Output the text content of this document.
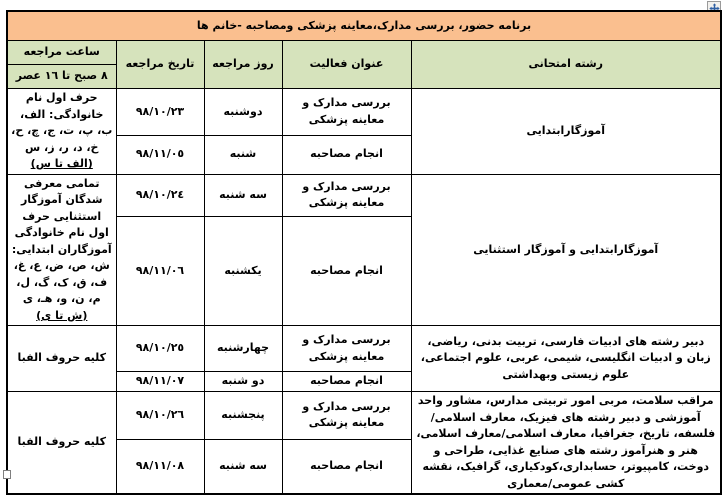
برنامه حضور، بررسی مدارک،معاینه پزشکی ومصاحبه -خانم ها				
رشته امتحانی	عنوان فعالیت	روز مراجعه	تاریخ مراجعه	ساعت مراجعه
				٨ صبح تا ١٦ عصر
آموزگارابتدایی	بررسی مدارک و معاینه پزشکی	دوشنبه	٩٨/١٠/٢٣	حرف اول نام خانوادگی: الف، ب، پ، ت، ج، چ، ح، خ، د، ر، ز، س (الف تا س)
	انجام مصاحبه	شنبه	٩٨/١١/٠٥	
آموزگارابتدایی و آموزگار استثنایی	بررسی مدارک و معاینه پزشکی	سه شنبه	٩٨/١٠/٢٤	تمامی معرفی شدگان آموزگار استثنایی حرف اول نام خانوادگی آموزگاران ابتدایی: ش، ص، ض، ع، غ، ف، ق، ک، گ، ل، م، ن، و، هـ، ی (ش تا ی)
	انجام مصاحبه	یکشنبه	٩٨/١١/٠٦	
دبیر رشته های ادبیات فارسی، تربیت بدنی، ریاضی، زبان و ادبیات انگلیسی، شیمی، عربی، علوم اجتماعی، علوم زیستی وبهداشتی	بررسی مدارک و معاینه پزشکی	چهارشنبه	٩٨/١٠/٢٥	کلیه حروف الفبا
	انجام مصاحبه	دو شنبه	٩٨/١١/٠٧	
مراقب سلامت، مربی امور تربیتی مدارس، مشاور واحد آموزشی و دبیر رشته های فیزیک، معارف اسلامی/فلسفه، تاریخ، جغرافیا، معارف اسلامی/معارف اسلامی، هنر و هنرآموز رشته های صنایع غذایی، طراحی و دوخت، کامپیوتر، حسابداری،کودکیاری، گرافیک، نقشه کشی عمومی/معماری	بررسی مدارک و معاینه پزشکی	پنجشنبه	٩٨/١٠/٢٦	کلیه حروف الفبا
	انجام مصاحبه	سه شنبه	٩٨/١١/٠٨	
